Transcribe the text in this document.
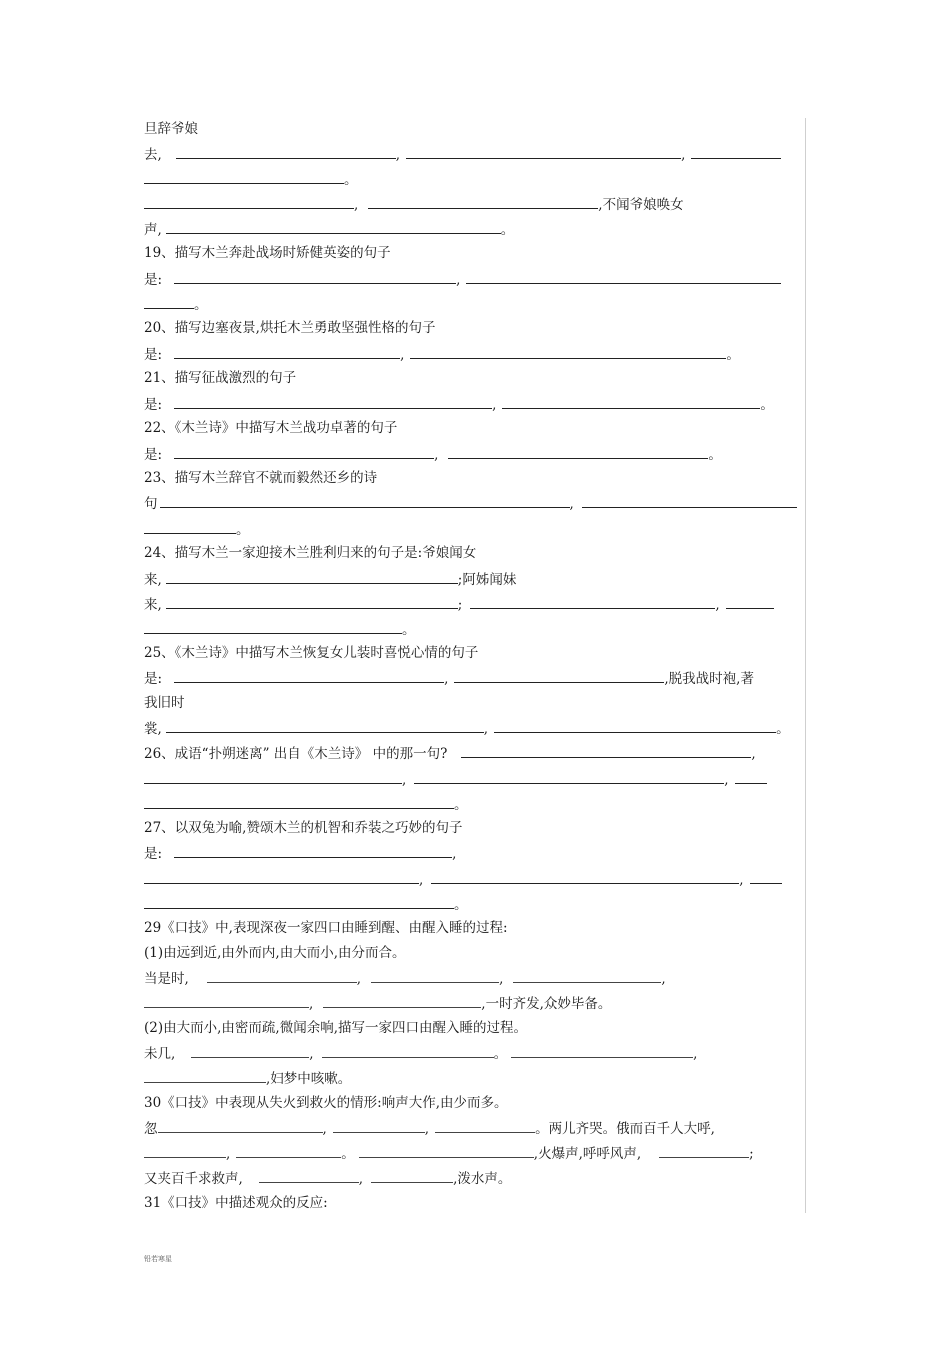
旦辞爷娘
去,	,	,
。
,	,不闻爷娘唤女
声,	。
19、描写木兰奔赴战场时矫健英姿的句子
是:	,
。
20、描写边塞夜景,烘托木兰勇敢坚强性格的句子
是:	,	。
21、描写征战激烈的句子
是:	,	。
22、《木兰诗》中描写木兰战功卓著的句子
是:	,	。
23、描写木兰辞官不就而毅然还乡的诗
句	,
。
24、描写木兰一家迎接木兰胜利归来的句子是:爷娘闻女
来,	;阿姊闻妹
来,	;	,
。
25、《木兰诗》中描写木兰恢复女儿装时喜悦心情的句子
是:	,	,脱我战时袍,著
我旧时
裳,	,	。
26、成语“扑朔迷离” 出自《木兰诗》 中的那一句?	,
,	,
。
27、以双兔为喻,赞颂木兰的机智和乔装之巧妙的句子
是:	,
,	,
。
29《口技》中,表现深夜一家四口由睡到醒、由醒入睡的过程:
(1)由远到近,由外而内,由大而小,由分而合。
当是时,	,	,	,
,	,一时齐发,众妙毕备。
(2)由大而小,由密而疏,微闻余响,描写一家四口由醒入睡的过程。
未几,	,	。	,
,妇梦中咳嗽。
30《口技》中表现从失火到救火的情形:响声大作,由少而多。
忽	,	,	。两儿齐哭。俄而百千人大呼,
,	。	,火爆声,呼呼风声,	;
又夹百千求救声,	,	,泼水声。
31《口技》中描述观众的反应:
铅若寒星
